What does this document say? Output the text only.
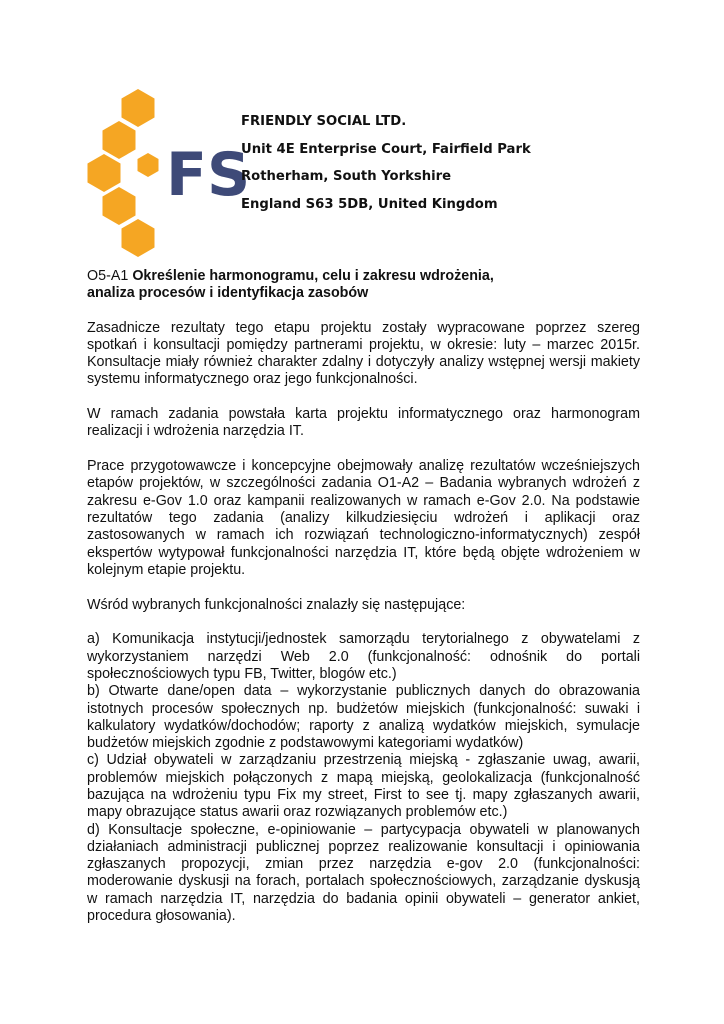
FS
FRIENDLY SOCIAL LTD.
Unit 4E Enterprise Court, Fairfield Park
Rotherham, South Yorkshire
England S63 5DB, United Kingdom

O5-A1 Określenie harmonogramu, celu i zakresu wdrożenia,
analiza procesów i identyfikacja zasobów

Zasadnicze rezultaty tego etapu projektu zostały wypracowane poprzez szereg spotkań i konsultacji pomiędzy partnerami projektu, w okresie: luty – marzec 2015r. Konsultacje miały również charakter zdalny i dotyczyły analizy wstępnej wersji makiety systemu informatycznego oraz jego funkcjonalności.

W ramach zadania powstała karta projektu informatycznego oraz harmonogram realizacji i wdrożenia narzędzia IT.

Prace przygotowawcze i koncepcyjne obejmowały analizę rezultatów wcześniejszych etapów projektów, w szczególności zadania O1-A2 – Badania wybranych wdrożeń z zakresu e-Gov 1.0 oraz kampanii realizowanych w ramach e-Gov 2.0. Na podstawie rezultatów tego zadania (analizy kilkudziesięciu wdrożeń i aplikacji oraz zastosowanych w ramach ich rozwiązań technologiczno-informatycznych) zespół ekspertów wytypował funkcjonalności narzędzia IT, które będą objęte wdrożeniem w kolejnym etapie projektu.

Wśród wybranych funkcjonalności znalazły się następujące:

a) Komunikacja instytucji/jednostek samorządu terytorialnego z obywatelami z wykorzystaniem narzędzi Web 2.0 (funkcjonalność: odnośnik do portali społecznościowych typu FB, Twitter, blogów etc.)

b) Otwarte dane/open data – wykorzystanie publicznych danych do obrazowania istotnych procesów społecznych np. budżetów miejskich (funkcjonalność: suwaki i kalkulatory wydatków/dochodów; raporty z analizą wydatków miejskich, symulacje budżetów miejskich zgodnie z podstawowymi kategoriami wydatków)

c) Udział obywateli w zarządzaniu przestrzenią miejską - zgłaszanie uwag, awarii, problemów miejskich połączonych z mapą miejską, geolokalizacja (funkcjonalność bazująca na wdrożeniu typu Fix my street, First to see tj. mapy zgłaszanych awarii, mapy obrazujące status awarii oraz rozwiązanych problemów etc.)

d) Konsultacje społeczne, e-opiniowanie – partycypacja obywateli w planowanych działaniach administracji publicznej poprzez realizowanie konsultacji i opiniowania zgłaszanych propozycji, zmian przez narzędzia e-gov 2.0 (funkcjonalności: moderowanie dyskusji na forach, portalach społecznościowych, zarządzanie dyskusją w ramach narzędzia IT, narzędzia do badania opinii obywateli – generator ankiet, procedura głosowania).
